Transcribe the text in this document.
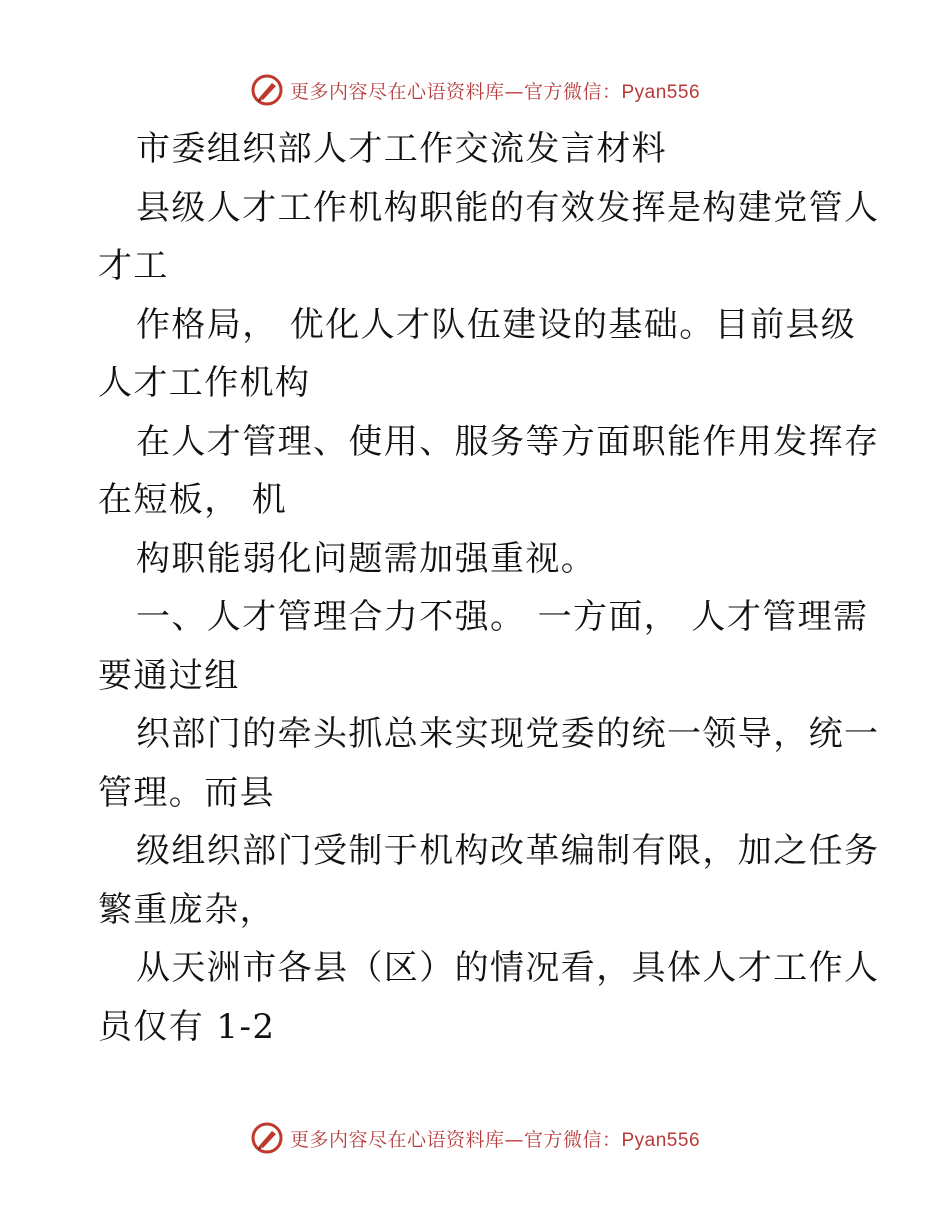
更多内容尽在心语资料库—官方微信：Pyan556
市委组织部人才工作交流发言材料
县级人才工作机构职能的有效发挥是构建党管人
才工
作格局， 优化人才队伍建设的基础。目前县级
人才工作机构
在人才管理、使用、服务等方面职能作用发挥存
在短板， 机
构职能弱化问题需加强重视。
一、人才管理合力不强。 一方面， 人才管理需
要通过组
织部门的牵头抓总来实现党委的统一领导，统一
管理。而县
级组织部门受制于机构改革编制有限，加之任务
繁重庞杂，
从天洲市各县（区）的情况看，具体人才工作人
员仅有 1-2
更多内容尽在心语资料库—官方微信：Pyan556
